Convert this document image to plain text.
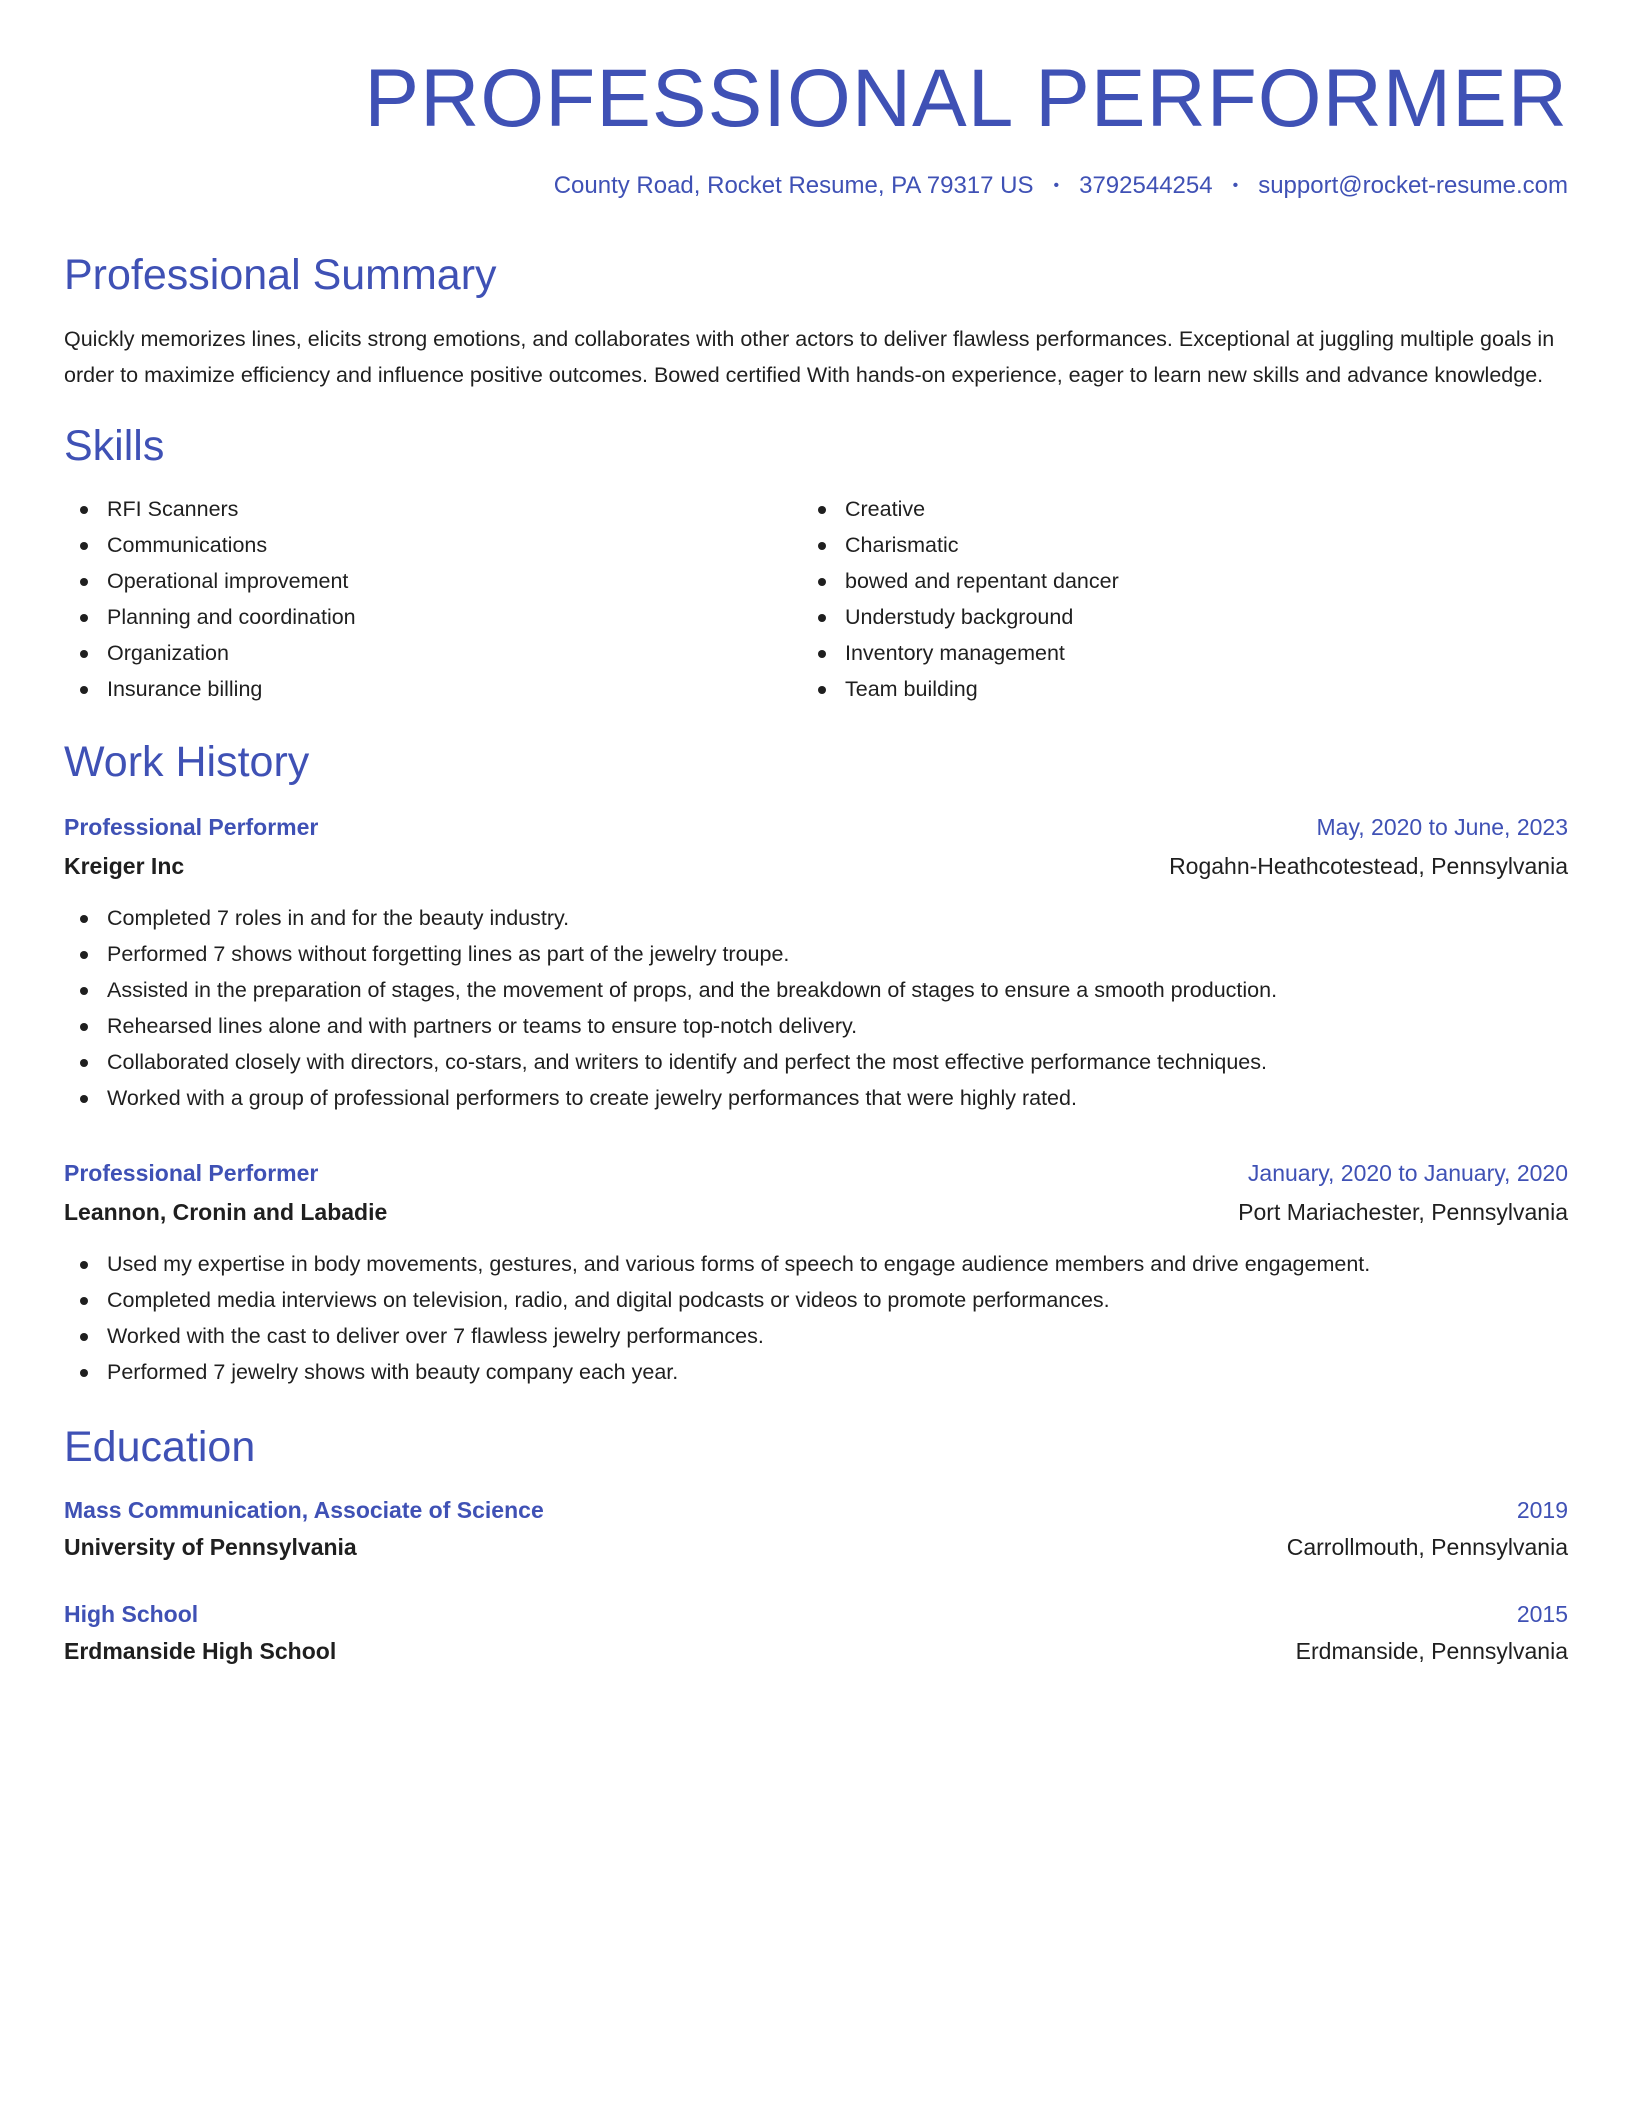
PROFESSIONAL PERFORMER
County Road, Rocket Resume, PA 79317 US • 3792544254 • support@rocket-resume.com
Professional Summary

Quickly memorizes lines, elicits strong emotions, and collaborates with other actors to deliver flawless performances. Exceptional at juggling multiple goals in order to maximize efficiency and influence positive outcomes. Bowed certified With hands-on experience, eager to learn new skills and advance knowledge.

Skills
RFI Scanners
Communications
Operational improvement
Planning and coordination
Organization
Insurance billing
Creative
Charismatic
bowed and repentant dancer
Understudy background
Inventory management
Team building
Work History
Professional Performer	May, 2020 to June, 2023
Kreiger Inc	Rogahn-Heathcotestead, Pennsylvania
Completed 7 roles in and for the beauty industry.
Performed 7 shows without forgetting lines as part of the jewelry troupe.
Assisted in the preparation of stages, the movement of props, and the breakdown of stages to ensure a smooth production.
Rehearsed lines alone and with partners or teams to ensure top-notch delivery.
Collaborated closely with directors, co-stars, and writers to identify and perfect the most effective performance techniques.
Worked with a group of professional performers to create jewelry performances that were highly rated.
Professional Performer	January, 2020 to January, 2020
Leannon, Cronin and Labadie	Port Mariachester, Pennsylvania
Used my expertise in body movements, gestures, and various forms of speech to engage audience members and drive engagement.
Completed media interviews on television, radio, and digital podcasts or videos to promote performances.
Worked with the cast to deliver over 7 flawless jewelry performances.
Performed 7 jewelry shows with beauty company each year.
Education
Mass Communication, Associate of Science	2019
University of Pennsylvania	Carrollmouth, Pennsylvania
High School	2015
Erdmanside High School	Erdmanside, Pennsylvania
